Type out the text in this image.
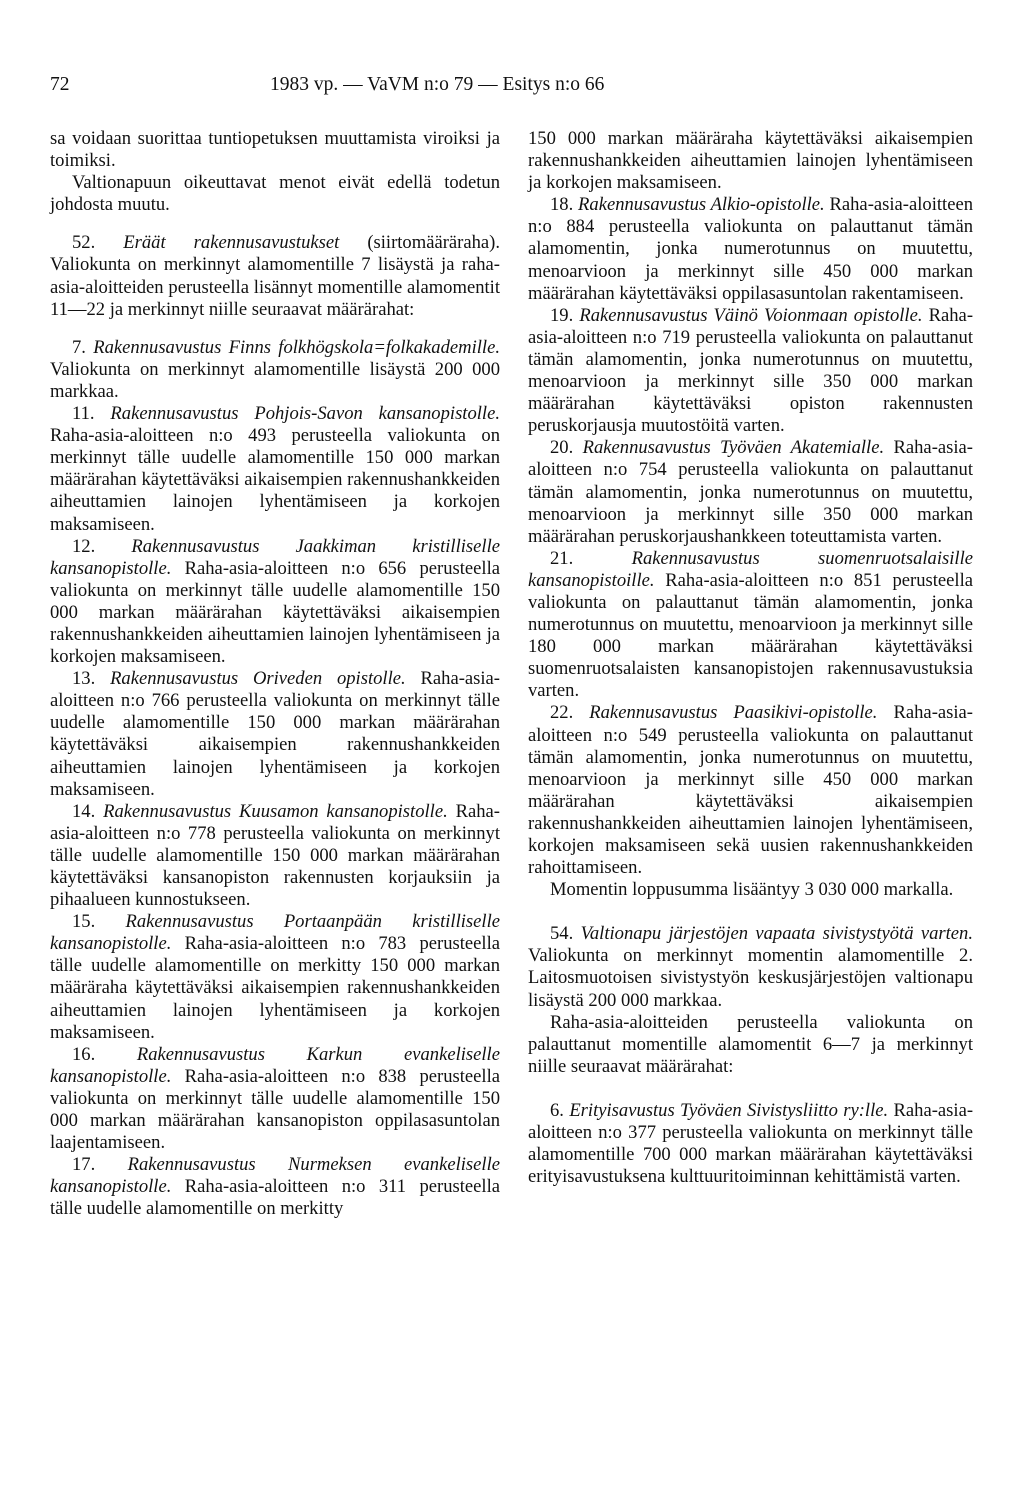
72	1983 vp. — VaVM n:o 79 — Esitys n:o 66

sa voidaan suorittaa tuntiopetuksen muuttamista viroiksi ja toimiksi.

Valtionapuun oikeuttavat menot eivät edellä todetun johdosta muutu.

52. Eräät rakennusavustukset (siirtomääräraha). Valiokunta on merkinnyt alamomentille 7 lisäystä ja raha-asia-aloitteiden perusteella lisännyt momentille alamomentit 11—22 ja merkinnyt niille seuraavat määrärahat:

7. Rakennusavustus Finns folkhögskola=folkakademille. Valiokunta on merkinnyt alamomentille lisäystä 200 000 markkaa.

11. Rakennusavustus Pohjois-Savon kansanopistolle. Raha-asia-aloitteen n:o 493 perusteella valiokunta on merkinnyt tälle uudelle alamomentille 150 000 markan määrärahan käytettäväksi aikaisempien rakennushankkeiden aiheuttamien lainojen lyhentämiseen ja korkojen maksamiseen.

12. Rakennusavustus Jaakkiman kristilliselle kansanopistolle. Raha-asia-aloitteen n:o 656 perusteella valiokunta on merkinnyt tälle uudelle alamomentille 150 000 markan määrärahan käytettäväksi aikaisempien rakennushankkeiden aiheuttamien lainojen lyhentämiseen ja korkojen maksamiseen.

13. Rakennusavustus Oriveden opistolle. Raha-asia-aloitteen n:o 766 perusteella valiokunta on merkinnyt tälle uudelle alamomentille 150 000 markan määrärahan käytettäväksi aikaisempien rakennushankkeiden aiheuttamien lainojen lyhentämiseen ja korkojen maksamiseen.

14. Rakennusavustus Kuusamon kansanopistolle. Raha-asia-aloitteen n:o 778 perusteella valiokunta on merkinnyt tälle uudelle alamomentille 150 000 markan määrärahan käytettäväksi kansanopiston rakennusten korjauksiin ja pihaalueen kunnostukseen.

15. Rakennusavustus Portaanpään kristilliselle kansanopistolle. Raha-asia-aloitteen n:o 783 perusteella tälle uudelle alamomentille on merkitty 150 000 markan määräraha käytettäväksi aikaisempien rakennushankkeiden aiheuttamien lainojen lyhentämiseen ja korkojen maksamiseen.

16. Rakennusavustus Karkun evankeliselle kansanopistolle. Raha-asia-aloitteen n:o 838 perusteella valiokunta on merkinnyt tälle uudelle alamomentille 150 000 markan määrärahan kansanopiston oppilasasuntolan laajentamiseen.

17. Rakennusavustus Nurmeksen evankeliselle kansanopistolle. Raha-asia-aloitteen n:o 311 perusteella tälle uudelle alamomentille on merkitty

150 000 markan määräraha käytettäväksi aikaisempien rakennushankkeiden aiheuttamien lainojen lyhentämiseen ja korkojen maksamiseen.

18. Rakennusavustus Alkio-opistolle. Raha-asia-aloitteen n:o 884 perusteella valiokunta on palauttanut tämän alamomentin, jonka numerotunnus on muutettu, menoarvioon ja merkinnyt sille 450 000 markan määrärahan käytettäväksi oppilasasuntolan rakentamiseen.

19. Rakennusavustus Väinö Voionmaan opistolle. Raha-asia-aloitteen n:o 719 perusteella valiokunta on palauttanut tämän alamomentin, jonka numerotunnus on muutettu, menoarvioon ja merkinnyt sille 350 000 markan määrärahan käytettäväksi opiston rakennusten peruskorjausja muutostöitä varten.

20. Rakennusavustus Työväen Akatemialle. Raha-asia-aloitteen n:o 754 perusteella valiokunta on palauttanut tämän alamomentin, jonka numerotunnus on muutettu, menoarvioon ja merkinnyt sille 350 000 markan määrärahan peruskorjaushankkeen toteuttamista varten.

21.	Rakennusavustus suomenruotsalaisille kansanopistoille. Raha-asia-aloitteen n:o 851 perusteella valiokunta on palauttanut tämän alamomentin, jonka numerotunnus on muutettu, menoarvioon ja merkinnyt sille 180 000 markan määrärahan käytettäväksi suomenruotsalaisten kansanopistojen rakennusavustuksia varten.

22. Rakennusavustus Paasikivi-opistolle. Raha-asia-aloitteen n:o 549 perusteella valiokunta on palauttanut tämän alamomentin, jonka numerotunnus on muutettu, menoarvioon ja merkinnyt sille 450 000 markan määrärahan käytettäväksi aikaisempien rakennushankkeiden aiheuttamien lainojen lyhentämiseen, korkojen maksamiseen sekä uusien rakennushankkeiden rahoittamiseen.

Momentin loppusumma lisääntyy 3 030 000 markalla.

54. Valtionapu järjestöjen vapaata sivistystyötä varten. Valiokunta on merkinnyt momentin alamomentille 2. Laitosmuotoisen sivistystyön keskusjärjestöjen valtionapu lisäystä 200 000 markkaa.

Raha-asia-aloitteiden perusteella valiokunta on palauttanut momentille alamomentit 6—7 ja merkinnyt niille seuraavat määrärahat:

6. Erityisavustus Työväen Sivistysliitto ry:lle. Raha-asia-aloitteen n:o 377 perusteella valiokunta on merkinnyt tälle alamomentille 700 000 markan määrärahan käytettäväksi erityisavustuksena kulttuuritoiminnan kehittämistä varten.
